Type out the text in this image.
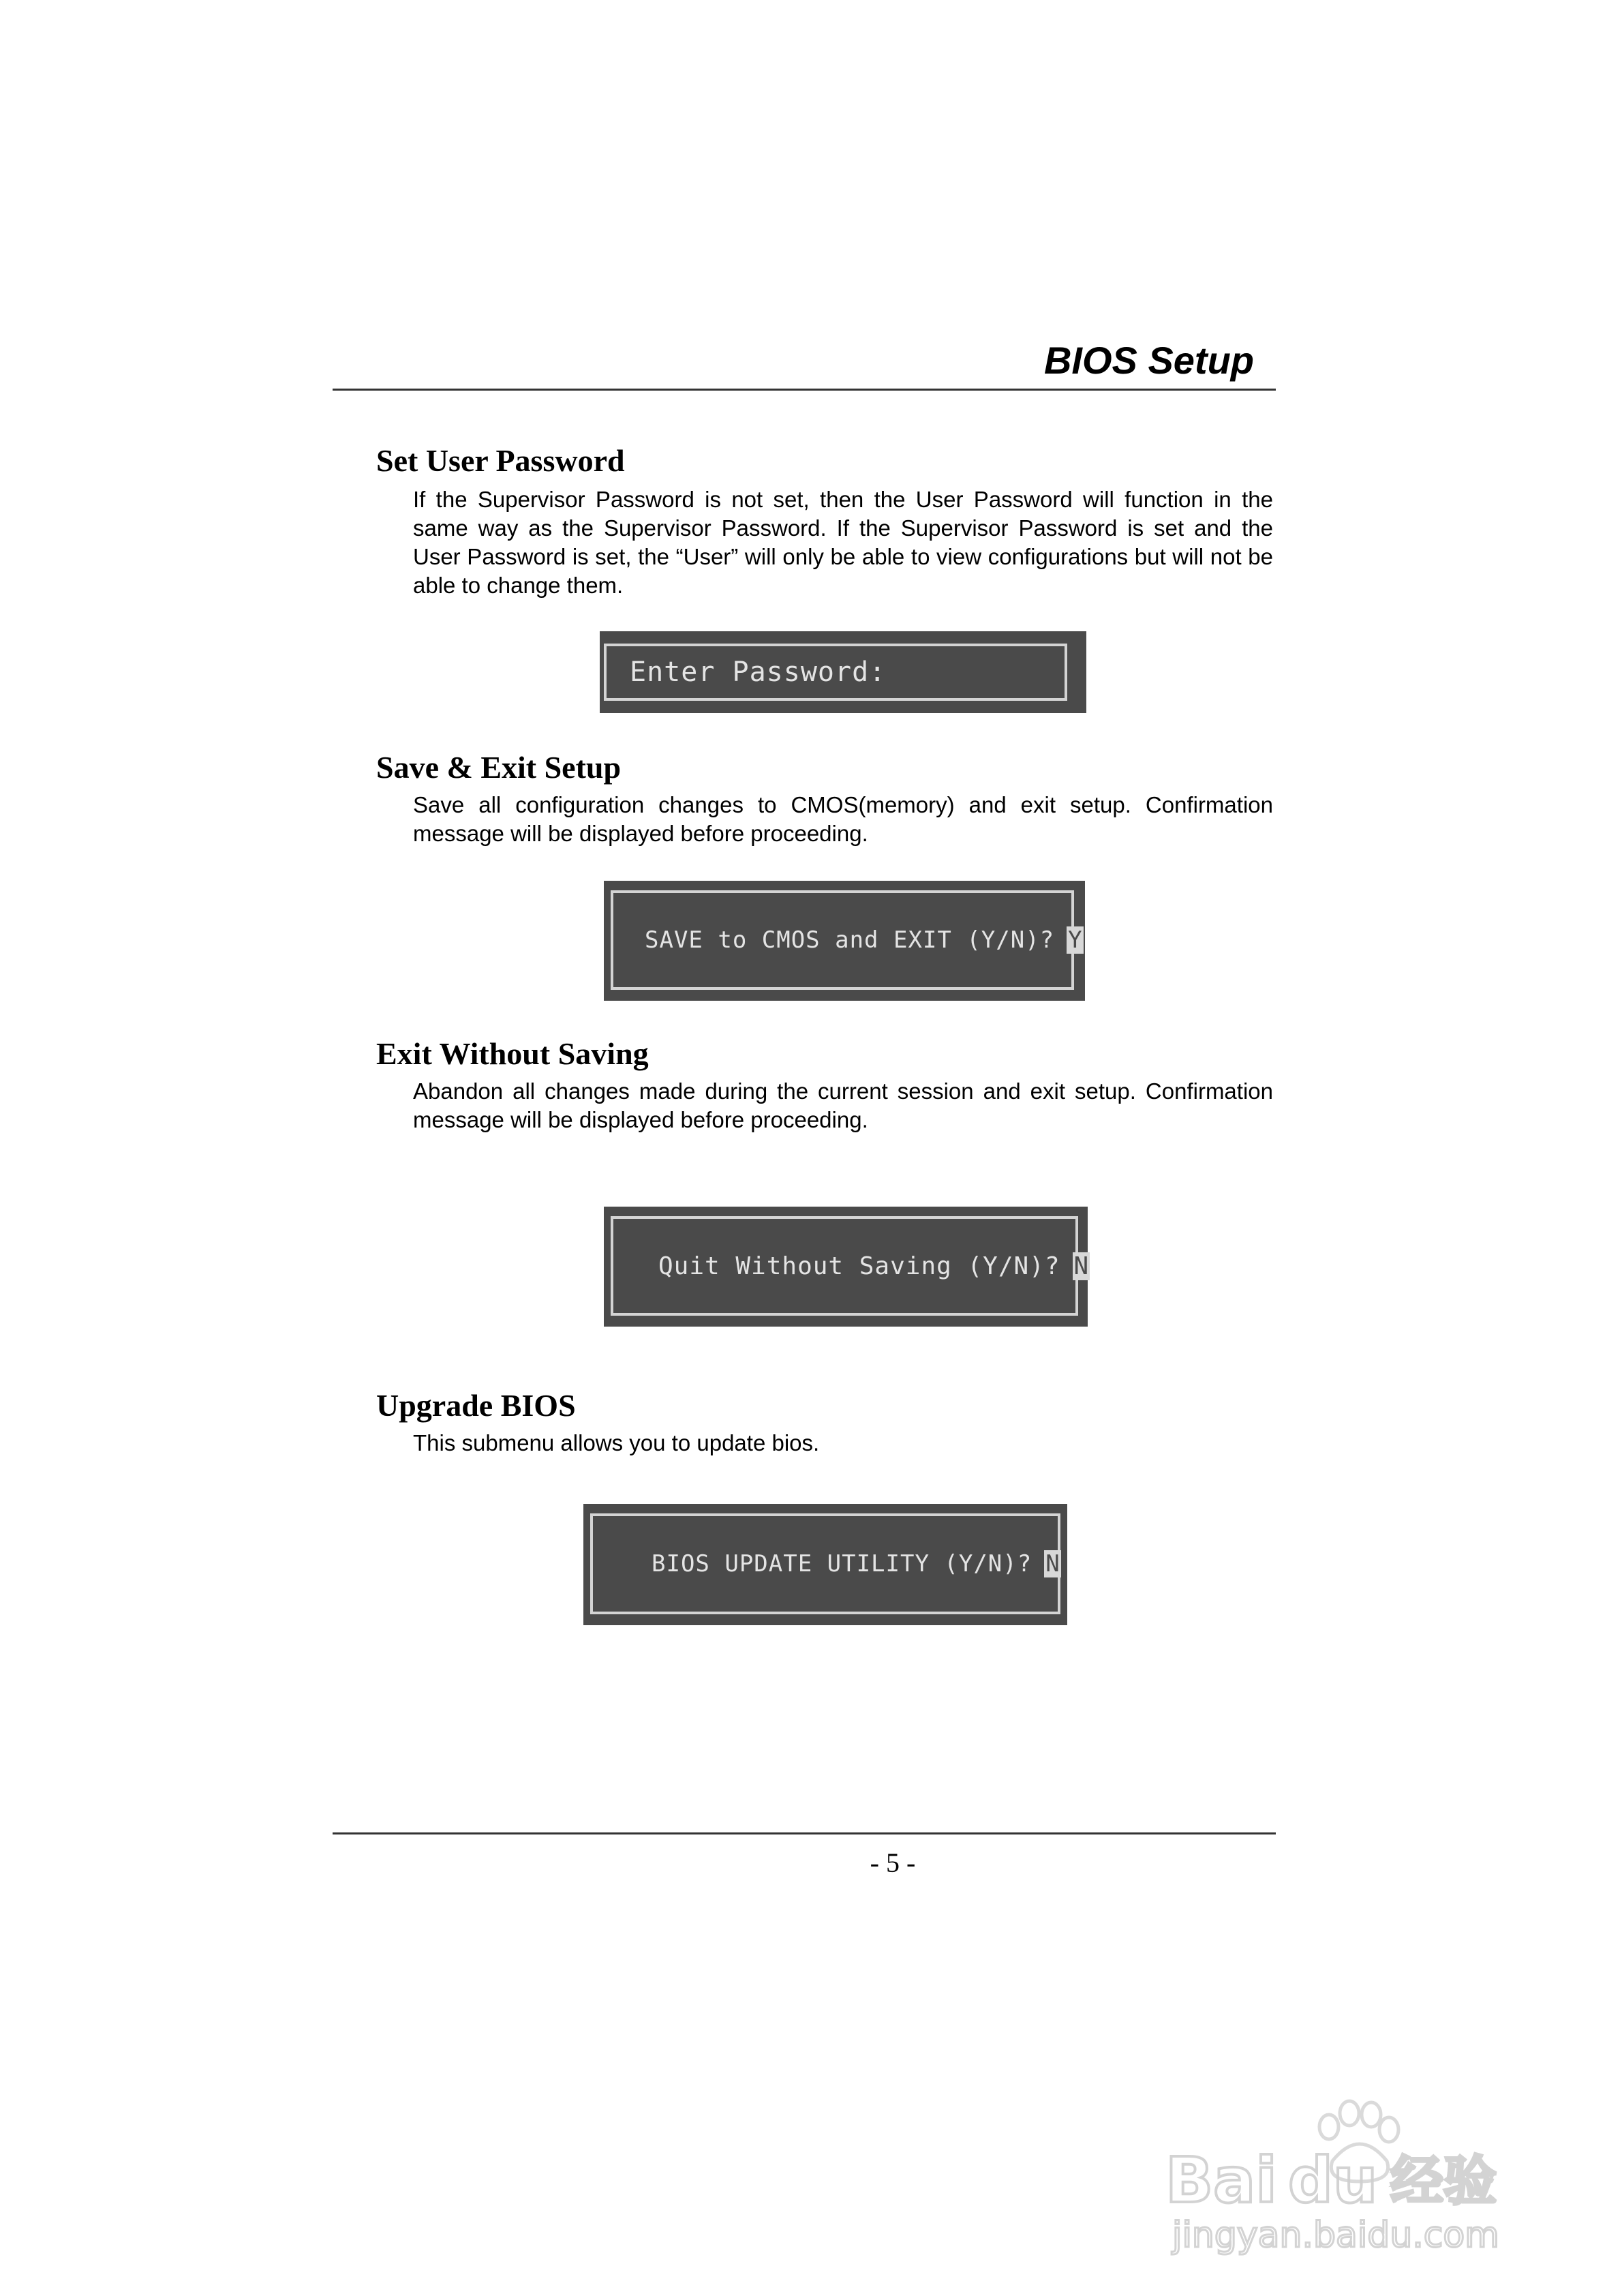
BIOS Setup
Set User Password
If the Supervisor Password is not set, then the User Password will function in the same way as the Supervisor Password. If the Supervisor Password is set and the User Password is set, the “User” will only be able to view configurations but will not be able to change them.
Enter Password:
Save & Exit Setup
Save all configuration changes to CMOS(memory) and exit setup. Confirmation message will be displayed before proceeding.
SAVE to CMOS and EXIT (Y/N)? Y
Exit Without Saving
Abandon all changes made during the current session and exit setup. Confirmation message will be displayed before proceeding.
Quit Without Saving (Y/N)? N
Upgrade BIOS
This submenu allows you to update bios.
BIOS UPDATE UTILITY (Y/N)? N
- 5 -
Bai du 经验
jingyan.baidu.com
